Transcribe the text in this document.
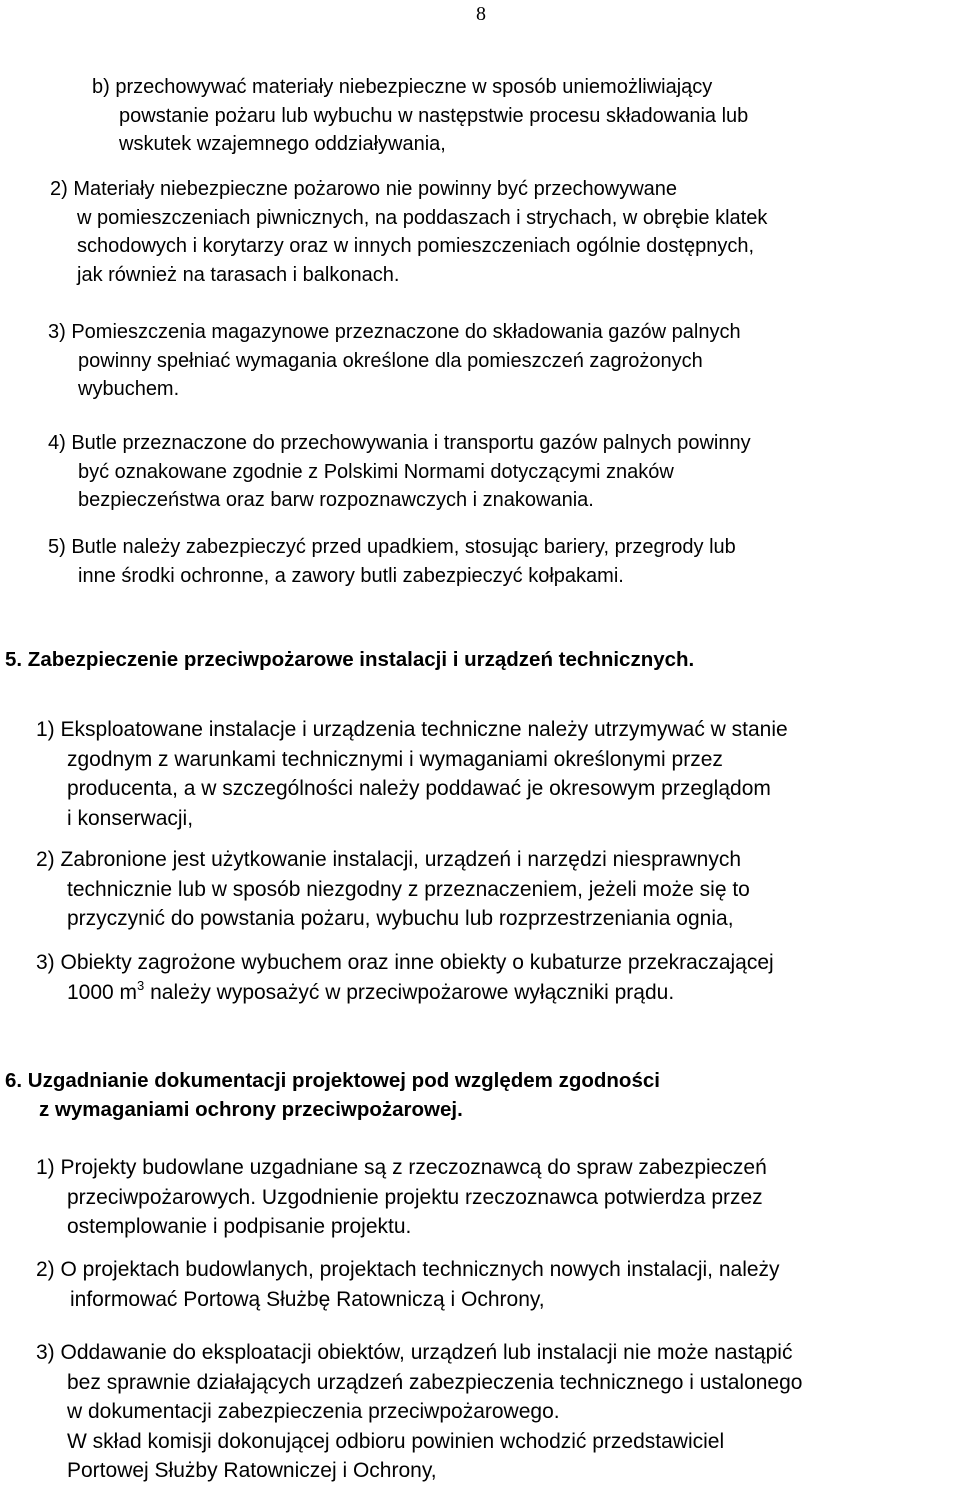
8
b) przechowywać materiały niebezpieczne w sposób uniemożliwiający
powstanie pożaru lub wybuchu w następstwie procesu składowania lub
wskutek wzajemnego oddziaływania,
2) Materiały niebezpieczne pożarowo nie powinny być przechowywane
w pomieszczeniach piwnicznych, na poddaszach i strychach, w obrębie klatek
schodowych i korytarzy oraz w innych pomieszczeniach ogólnie dostępnych,
jak również na tarasach i balkonach.
3) Pomieszczenia magazynowe przeznaczone do składowania gazów palnych
powinny spełniać wymagania określone dla pomieszczeń zagrożonych
wybuchem.
4) Butle przeznaczone do przechowywania i transportu gazów palnych powinny
być oznakowane zgodnie z Polskimi Normami dotyczącymi znaków
bezpieczeństwa oraz barw rozpoznawczych i znakowania.
5) Butle należy zabezpieczyć przed upadkiem, stosując bariery, przegrody lub
inne środki ochronne, a zawory butli zabezpieczyć kołpakami.
5. Zabezpieczenie przeciwpożarowe instalacji i urządzeń technicznych.
1) Eksploatowane instalacje i urządzenia techniczne należy utrzymywać w stanie
zgodnym z warunkami technicznymi i wymaganiami określonymi przez
producenta, a w szczególności należy poddawać je okresowym przeglądom
i konserwacji,
2) Zabronione jest użytkowanie instalacji, urządzeń i narzędzi niesprawnych
technicznie lub w sposób niezgodny z przeznaczeniem, jeżeli może się to
przyczynić do powstania pożaru, wybuchu lub rozprzestrzeniania ognia,
3) Obiekty zagrożone wybuchem oraz inne obiekty o kubaturze przekraczającej
1000 $m^3$ należy wyposażyć w przeciwpożarowe wyłączniki prądu.
6. Uzgadnianie dokumentacji projektowej pod względem zgodności
z wymaganiami ochrony przeciwpożarowej.
1) Projekty budowlane uzgadniane są z rzeczoznawcą do spraw zabezpieczeń
przeciwpożarowych. Uzgodnienie projektu rzeczoznawca potwierdza przez
ostemplowanie i podpisanie projektu.
2) O projektach budowlanych, projektach technicznych nowych instalacji, należy
informować Portową Służbę Ratowniczą i Ochrony,
3) Oddawanie do eksploatacji obiektów, urządzeń lub instalacji nie może nastąpić
bez sprawnie działających urządzeń zabezpieczenia technicznego i ustalonego
w dokumentacji zabezpieczenia przeciwpożarowego.
W skład komisji dokonującej odbioru powinien wchodzić przedstawiciel
Portowej Służby Ratowniczej i Ochrony,
